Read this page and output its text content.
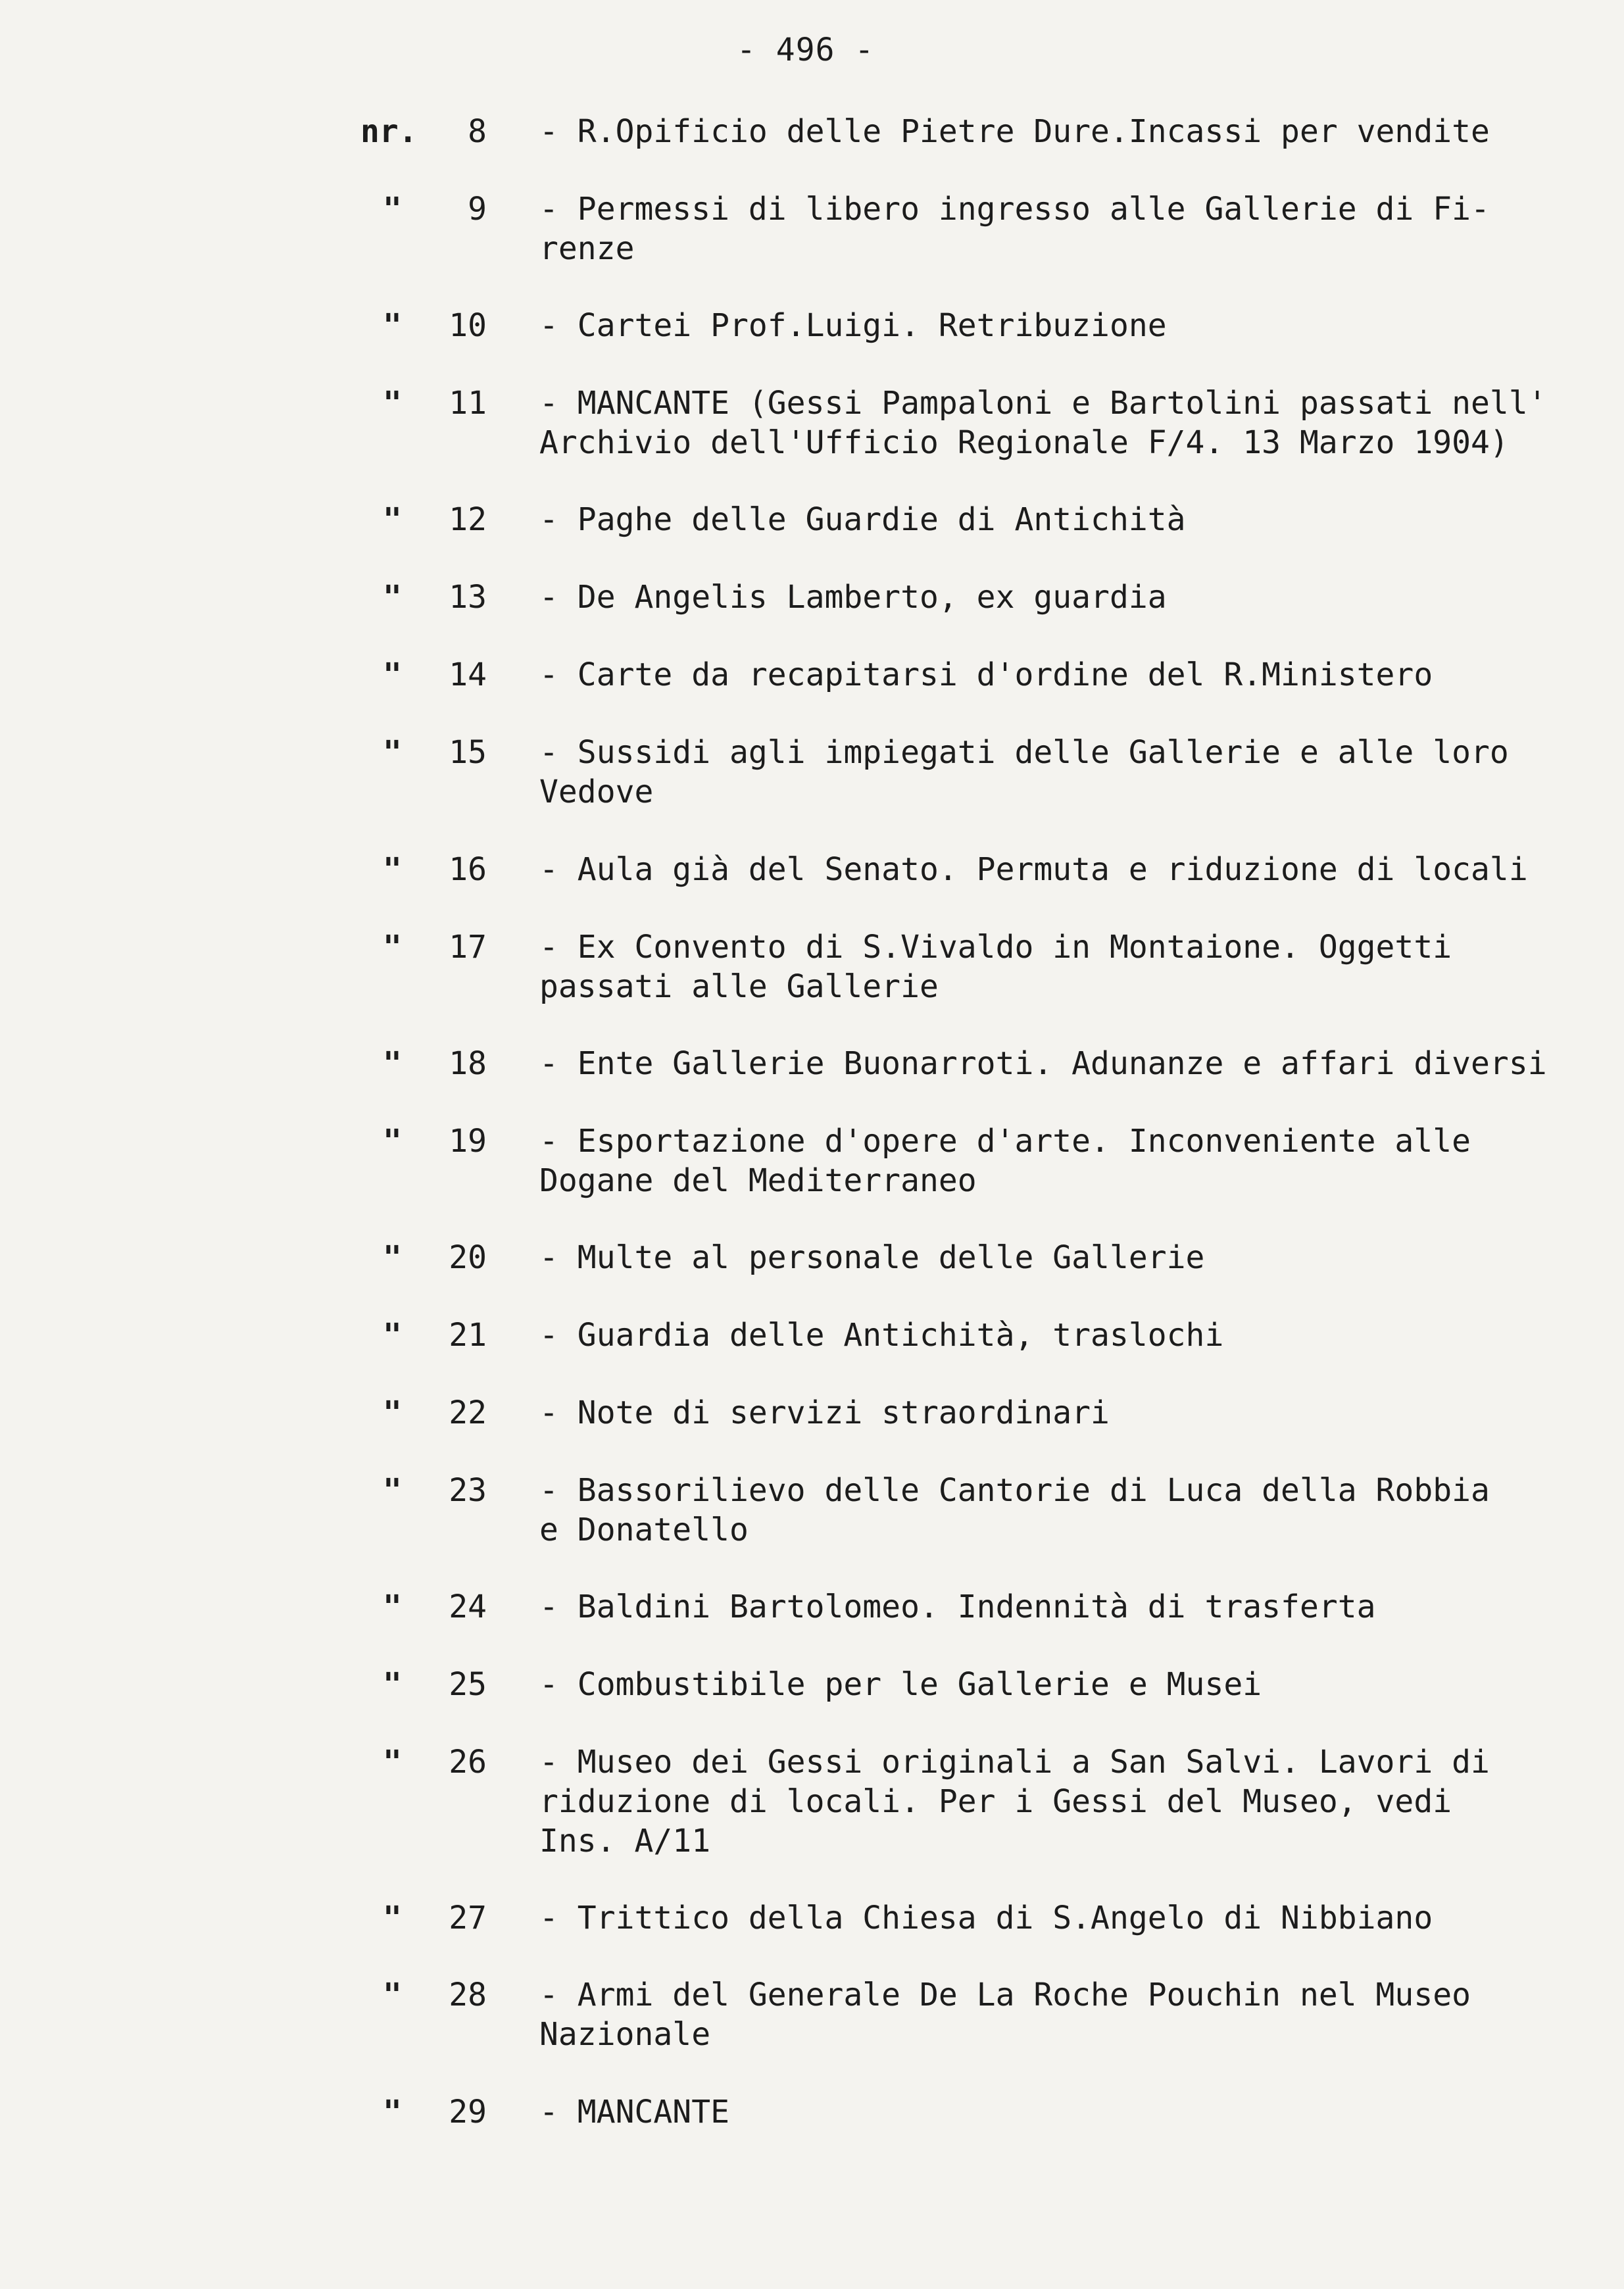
- 496 -
nr.	8 - R.Opificio delle Pietre Dure.Incassi per vendite
"	9 - Permessi di libero ingresso alle Gallerie di Fi-
renze
"	10 - Cartei Prof.Luigi. Retribuzione
"	11 - MANCANTE (Gessi Pampaloni e Bartolini passati nell'
Archivio dell'Ufficio Regionale F/4. 13 Marzo 1904)
"	12 - Paghe delle Guardie di Antichità
"	13 - De Angelis Lamberto, ex guardia
"	14 - Carte da recapitarsi d'ordine del R.Ministero
"	15 - Sussidi agli impiegati delle Gallerie e alle loro
Vedove
"	16 - Aula già del Senato. Permuta e riduzione di locali
"	17 - Ex Convento di S.Vivaldo in Montaione. Oggetti
passati alle Gallerie
"	18 - Ente Gallerie Buonarroti. Adunanze e affari diversi
"	19 - Esportazione d'opere d'arte. Inconveniente alle
Dogane del Mediterraneo
"	20 - Multe al personale delle Gallerie
"	21 - Guardia delle Antichità, traslochi
"	22 - Note di servizi straordinari
"	23 - Bassorilievo delle Cantorie di Luca della Robbia
e Donatello
"	24 - Baldini Bartolomeo. Indennità di trasferta
"	25 - Combustibile per le Gallerie e Musei
"	26 - Museo dei Gessi originali a San Salvi. Lavori di
riduzione di locali. Per i Gessi del Museo, vedi
Ins. A/11
"	27 - Trittico della Chiesa di S.Angelo di Nibbiano
"	28 - Armi del Generale De La Roche Pouchin nel Museo
Nazionale
"	29 - MANCANTE
